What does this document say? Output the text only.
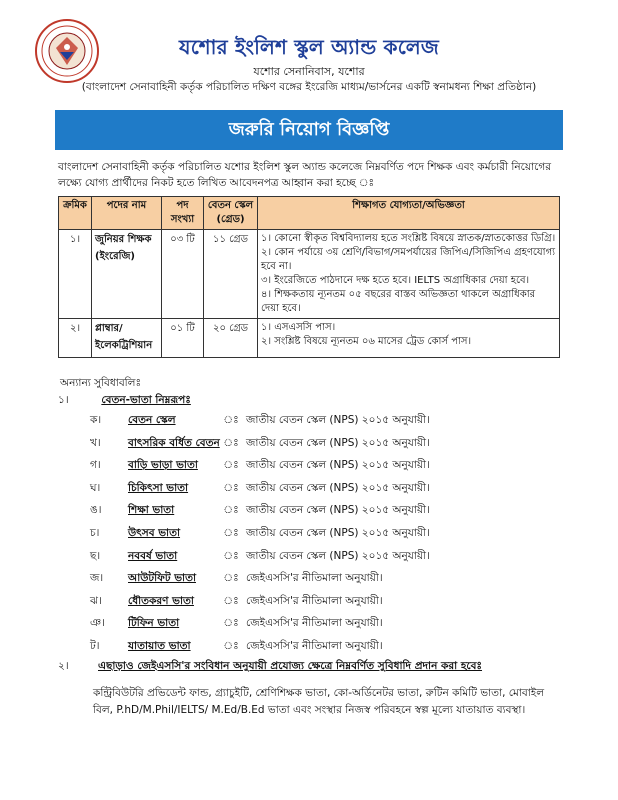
যশোর ইংলিশ স্কুল অ্যান্ড কলেজ
যশোর সেনানিবাস, যশোর
(বাংলাদেশ সেনাবাহিনী কর্তৃক পরিচালিত দক্ষিণ বঙ্গের ইংরেজি মাধ্যম/ভার্সনের একটি স্বনামধন্য শিক্ষা প্রতিষ্ঠান)
জরুরি নিয়োগ বিজ্ঞপ্তি
বাংলাদেশ সেনাবাহিনী কর্তৃক পরিচালিত যশোর ইংলিশ স্কুল অ্যান্ড কলেজে নিম্নবর্ণিত পদে শিক্ষক এবং কর্মচারী নিয়োগের লক্ষ্যে যোগ্য প্রার্থীদের নিকট হতে লিখিত আবেদনপত্র আহ্বান করা হচ্ছে ঃ
ক্রমিক	পদের নাম	পদ সংখ্যা	বেতন স্কেল (গ্রেড)	শিক্ষাগত যোগ্যতা/অভিজ্ঞতা
১।	জুনিয়র শিক্ষক (ইংরেজি)	০৩ টি	১১ গ্রেড	১। কোনো স্বীকৃত বিশ্ববিদ্যালয় হতে সংশ্লিষ্ট বিষয়ে স্নাতক/স্নাতকোত্তর ডিগ্রি।
২। কোন পর্যায়ে ৩য় শ্রেণি/বিভাগ/সমপর্যায়ের জিপিএ/সিজিপিএ গ্রহণযোগ্য হবে না।
৩। ইংরেজিতে পাঠদানে দক্ষ হতে হবে। IELTS অগ্রাধিকার দেয়া হবে।
৪। শিক্ষকতায় ন্যূনতম ০৫ বছরের বাস্তব অভিজ্ঞতা থাকলে অগ্রাধিকার দেয়া হবে।

২।	প্লাম্বার/ ইলেকট্রিশিয়ান	০১ টি	২০ গ্রেড	১। এসএসসি পাস।
২। সংশ্লিষ্ট বিষয়ে ন্যূনতম ০৬ মাসের ট্রেড কোর্স পাস।
অন্যান্য সুবিধাবলিঃ
১।	বেতন-ভাতা নিম্নরূপঃ
ক।	বেতন স্কেল	ঃ জাতীয় বেতন স্কেল (NPS) ২০১৫ অনুযায়ী।
খ।	বাৎসরিক বর্ধিত বেতন ঃ জাতীয় বেতন স্কেল (NPS) ২০১৫ অনুযায়ী।
গ।	বাড়ি ভাড়া ভাতা	ঃ জাতীয় বেতন স্কেল (NPS) ২০১৫ অনুযায়ী।
ঘ।	চিকিৎসা ভাতা	ঃ জাতীয় বেতন স্কেল (NPS) ২০১৫ অনুযায়ী।
ঙ।	শিক্ষা ভাতা	ঃ জাতীয় বেতন স্কেল (NPS) ২০১৫ অনুযায়ী।
চ।	উৎসব ভাতা	ঃ জাতীয় বেতন স্কেল (NPS) ২০১৫ অনুযায়ী।
ছ।	নববর্ষ ভাতা	ঃ জাতীয় বেতন স্কেল (NPS) ২০১৫ অনুযায়ী।
জ।	আউটফিট ভাতা	ঃ জেইএসসি'র নীতিমালা অনুযায়ী।
ঝ।	ধৌতকরণ ভাতা	ঃ জেইএসসি'র নীতিমালা অনুযায়ী।
ঞ।	টিফিন ভাতা	ঃ জেইএসসি'র নীতিমালা অনুযায়ী।
ট।	যাতায়াত ভাতা	ঃ জেইএসসি'র নীতিমালা অনুযায়ী।
২।	এছাড়াও জেইএসসি'র সংবিধান অনুযায়ী প্রযোজ্য ক্ষেত্রে নিম্নবর্ণিত সুবিধাদি প্রদান করা হবেঃ
কন্ট্রিবিউটরি প্রভিডেন্ট ফান্ড, গ্র্যাচুইটি, শ্রেণিশিক্ষক ভাতা, কো-অর্ডিনেটর ভাতা, রুটিন কমিটি ভাতা, মোবাইল বিল, P.hD/M.Phil/IELTS/ M.Ed/B.Ed ভাতা এবং সংস্থার নিজস্ব পরিবহনে স্বল্প মূল্যে যাতায়াত ব্যবস্থা।
